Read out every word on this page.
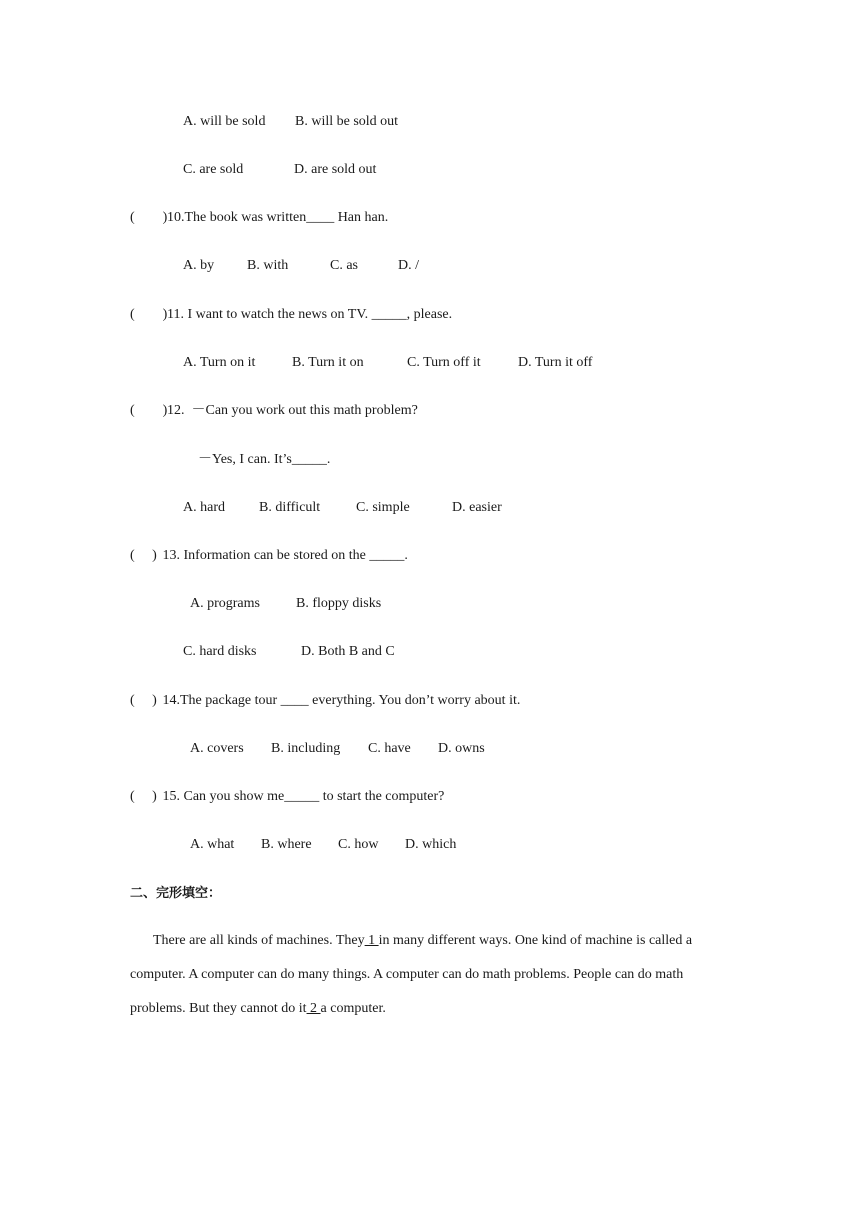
A. will be sold B. will be sold out
C. are sold	D. are sold out
(        ) 10.The book was written____ Han han.
A. by B. with	C. as	D. /
(        ) 11. I want to watch the news on TV. _____, please.
A. Turn on it	B. Turn it on	C. Turn off it	D. Turn it off
(        ) 12.  －Can you work out this math problem?
－Yes, I can. It’s_____.
A. hard B. difficult	C. simple	D. easier
(     ) 13. Information can be stored on the _____.
A. programs	B. floppy disks
C. hard disks	D. Both B and C
(     ) 14.The package tour ____ everything. You don’t worry about it.
A. covers B. including C. have D. owns
(     ) 15. Can you show me_____ to start the computer?
A. what B. where C. how D. which
二、完形填空：
There are all kinds of machines. They 1 in many different ways. One kind of machine is called a computer. A computer can do many things. A computer can do math problems. People can do math problems. But they cannot do it 2 a computer.
